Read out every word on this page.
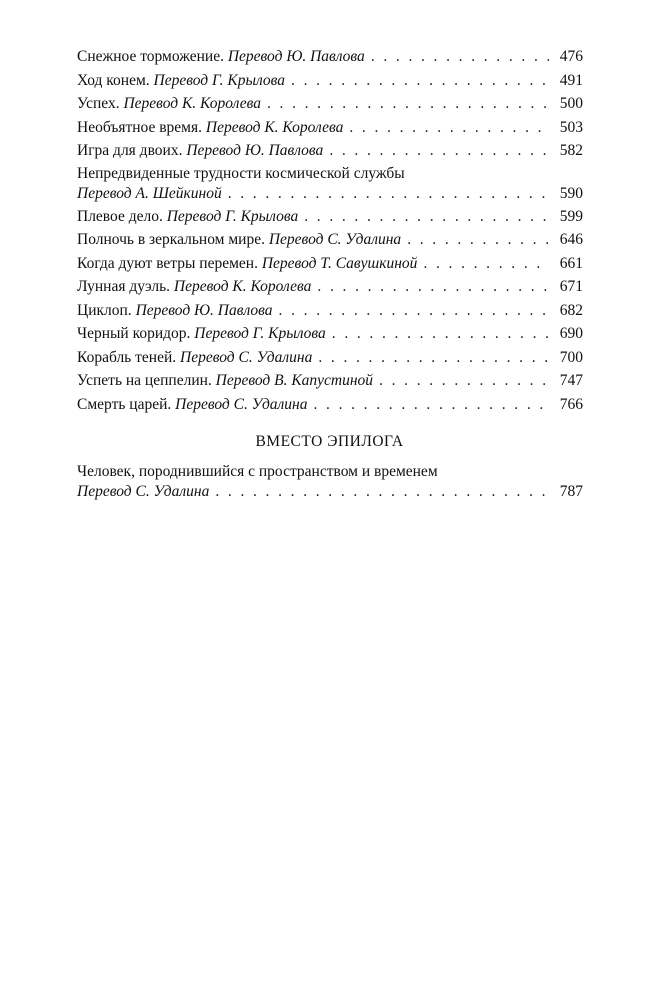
Снежное торможение. Перевод Ю. Павлова . . .	476
Ход конем. Перевод Г. Крылова . . .	491
Успех. Перевод К. Королева . . .	500
Необъятное время. Перевод К. Королева . . .	503
Игра для двоих. Перевод Ю. Павлова . . .	582
Непредвиденные трудности космической службы
Перевод А. Шейкиной . . .	590
Плевое дело. Перевод Г. Крылова . . .	599
Полночь в зеркальном мире. Перевод С. Удалина . . .	646
Когда дуют ветры перемен. Перевод Т. Савушкиной . . .	661
Лунная дуэль. Перевод К. Королева . . .	671
Циклоп. Перевод Ю. Павлова . . .	682
Черный коридор. Перевод Г. Крылова . . .	690
Корабль теней. Перевод С. Удалина . . .	700
Успеть на цеппелин. Перевод В. Капустиной . . .	747
Смерть царей. Перевод С. Удалина . . .	766
ВМЕСТО ЭПИЛОГА
Человек, породнившийся с пространством и временем
Перевод С. Удалина . . .	787
